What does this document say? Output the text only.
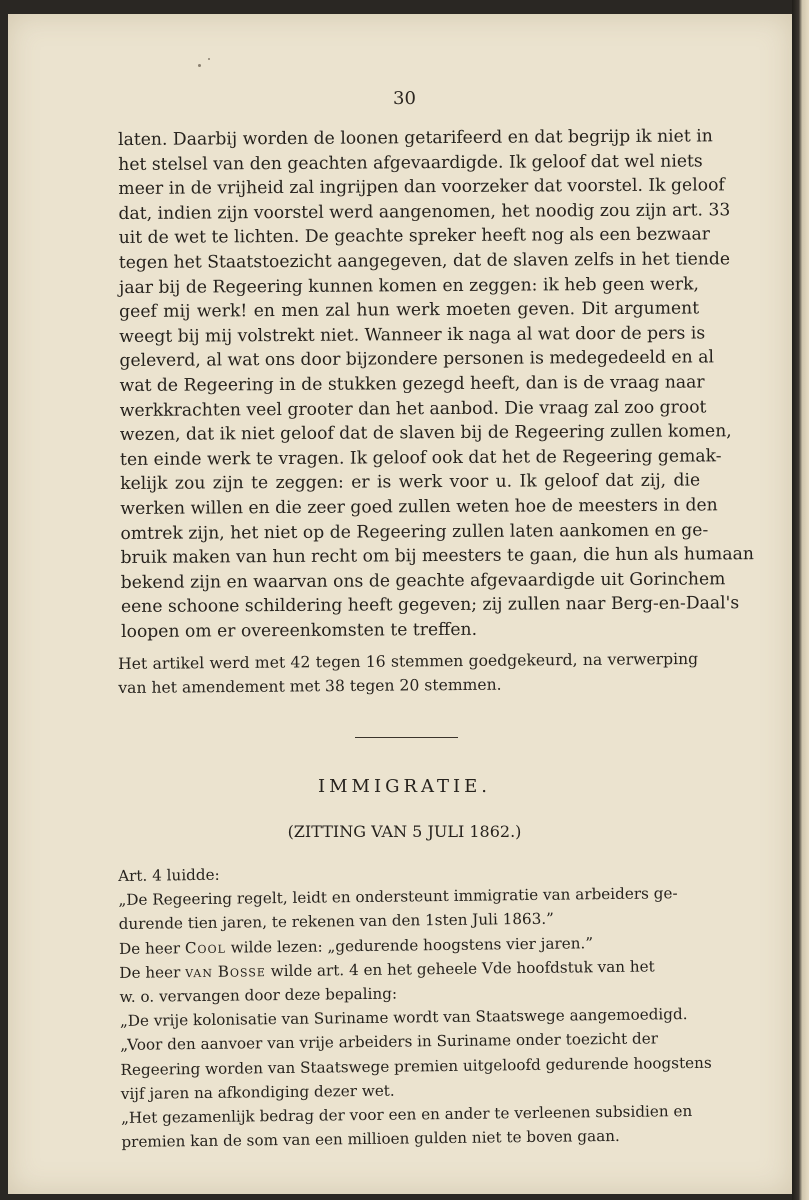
30
laten. Daarbij worden de loonen getarifeerd en dat begrijp ik niet in
het stelsel van den geachten afgevaardigde. Ik geloof dat wel niets
meer in de vrijheid zal ingrijpen dan voorzeker dat voorstel. Ik geloof
dat, indien zijn voorstel werd aangenomen, het noodig zou zijn art. 33
uit de wet te lichten. De geachte spreker heeft nog als een bezwaar
tegen het Staatstoezicht aangegeven, dat de slaven zelfs in het tiende
jaar bij de Regeering kunnen komen en zeggen: ik heb geen werk,
geef mij werk! en men zal hun werk moeten geven. Dit argument
weegt bij mij volstrekt niet. Wanneer ik naga al wat door de pers is
geleverd, al wat ons door bijzondere personen is medegedeeld en al
wat de Regeering in de stukken gezegd heeft, dan is de vraag naar
werkkrachten veel grooter dan het aanbod. Die vraag zal zoo groot
wezen, dat ik niet geloof dat de slaven bij de Regeering zullen komen,
ten einde werk te vragen. Ik geloof ook dat het de Regeering gemak-
kelijk zou zijn te zeggen: er is werk voor u. Ik geloof dat zij, die
werken willen en die zeer goed zullen weten hoe de meesters in den
omtrek zijn, het niet op de Regeering zullen laten aankomen en ge-
bruik maken van hun recht om bij meesters te gaan, die hun als humaan
bekend zijn en waarvan ons de geachte afgevaardigde uit Gorinchem
eene schoone schildering heeft gegeven; zij zullen naar Berg-en-Daal's
loopen om er overeenkomsten te treffen.
Het artikel werd met 42 tegen 16 stemmen goedgekeurd, na verwerping
van het amendement met 38 tegen 20 stemmen.
IMMIGRATIE.
(ZITTING VAN 5 JULI 1862.)
Art. 4 luidde:
„De Regeering regelt, leidt en ondersteunt immigratie van arbeiders ge-
durende tien jaren, te rekenen van den 1sten Juli 1863.”
De heer Cool wilde lezen: „gedurende hoogstens vier jaren.”
De heer van Bosse wilde art. 4 en het geheele Vde hoofdstuk van het
w. o. vervangen door deze bepaling:
„De vrije kolonisatie van Suriname wordt van Staatswege aangemoedigd.
„Voor den aanvoer van vrije arbeiders in Suriname onder toezicht der
Regeering worden van Staatswege premien uitgeloofd gedurende hoogstens
vijf jaren na afkondiging dezer wet.
„Het gezamenlijk bedrag der voor een en ander te verleenen subsidien en
premien kan de som van een millioen gulden niet te boven gaan.
